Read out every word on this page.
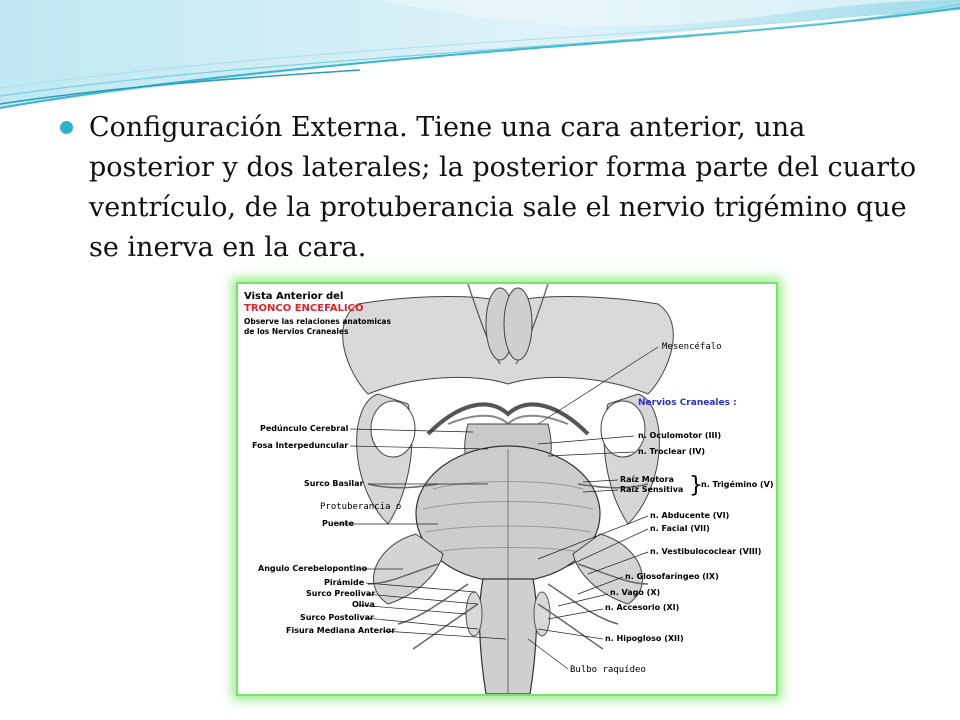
Configuración Externa. Tiene una cara anterior, una posterior y dos laterales; la posterior forma parte del cuarto ventrículo, de la protuberancia sale el nervio trigémino que se inerva en la cara.
Vista Anterior del
TRONCO ENCEFALICO
Observe las relaciones anatomicas de los Nervios Craneales
Pedúnculo Cerebral
Fosa Interpeduncular
Surco Basilar
Protuberancia o
Puente
Angulo Cerebelopontino
Pirámide
Surco Preolivar
Oliva
Surco Postolivar
Fisura Mediana Anterior
Mesencéfalo
Nervios Craneales :
n. Oculomotor (III)
n. Troclear (IV)
Raíz Motora
Raíz Sensitiva }
n. Trigémino (V)
n. Abducente (VI)
n. Facial (VII)
n. Vestibulococlear (VIII)
n. Glosofaríngeo (IX)
n. Vago (X)
n. Accesorio (XI)
n. Hipogloso (XII)
Bulbo raquídeo
